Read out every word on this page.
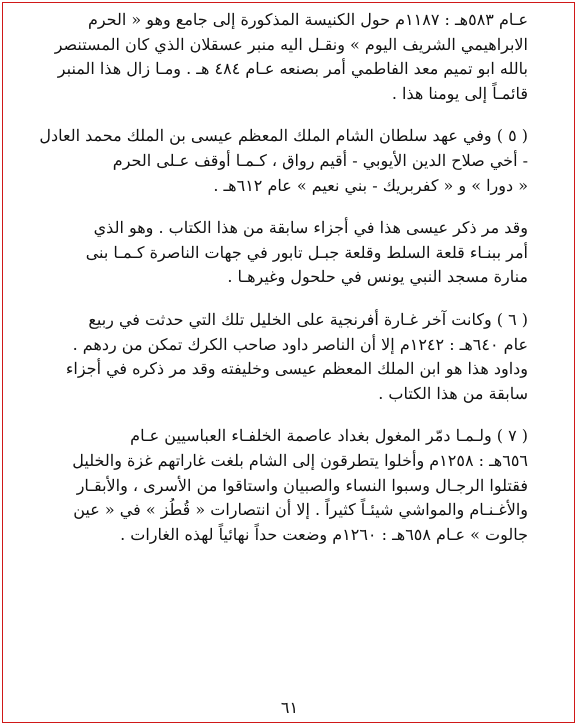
عـام ٥٨٣هـ : ١١٨٧م حول الكنيسة المذكورة إلى جامع وهو « الحرم
الابراهيمي الشريف اليوم » ونقـل اليه منبر عسقلان الذي كان المستنصر
بالله ابو تميم معد الفاطمي أمر بصنعه عـام ٤٨٤ هـ . ومـا زال هذا المنبر
قائمـاً إلى يومنا هذا .
( ٥ ) وفي عهد سلطان الشام الملك المعظم عيسى بن الملك محمد العادل
- أخي صلاح الدين الأيوبي - أقيم رواق ، كـمـا أوقف عـلى الحرم
« دورا » و « كفربريك - بني نعيم » عام ٦١٢هـ .
وقد مر ذكر عيسى هذا في أجزاء سابقة من هذا الكتاب . وهو الذي
أمر ببنـاء قلعة السلط وقلعة جبـل تابور في جهات الناصرة كـمـا بنى
منارة مسجد النبي يونس في حلحول وغيرهـا .
( ٦ ) وكانت آخر غـارة أفرنجية على الخليل تلك التي حدثت في ربيع
عام ٦٤٠هـ : ١٢٤٢م إلا أن الناصر داود صاحب الكرك تمكن من ردهم .
وداود هذا هو ابن الملك المعظم عيسى وخليفته وقد مر ذكره في أجزاء
سابقة من هذا الكتاب .
( ٧ ) ولـمـا دمّر المغول بغداد عاصمة الخلفـاء العباسيين عـام
٦٥٦هـ : ١٢٥٨م وأخلوا يتطرقون إلى الشام بلغت غاراتهم غزة والخليل
فقتلوا الرجـال وسبوا النساء والصبيان واستاقوا من الأسرى ، والأبقـار
والأغـنـام والمواشي شيئـاً كثيراً . إلا أن انتصارات « قُطُز » في « عين
جالوت » عـام ٦٥٨هـ : ١٢٦٠م وضعت حداً نهائياً لهذه الغارات .
٦١
